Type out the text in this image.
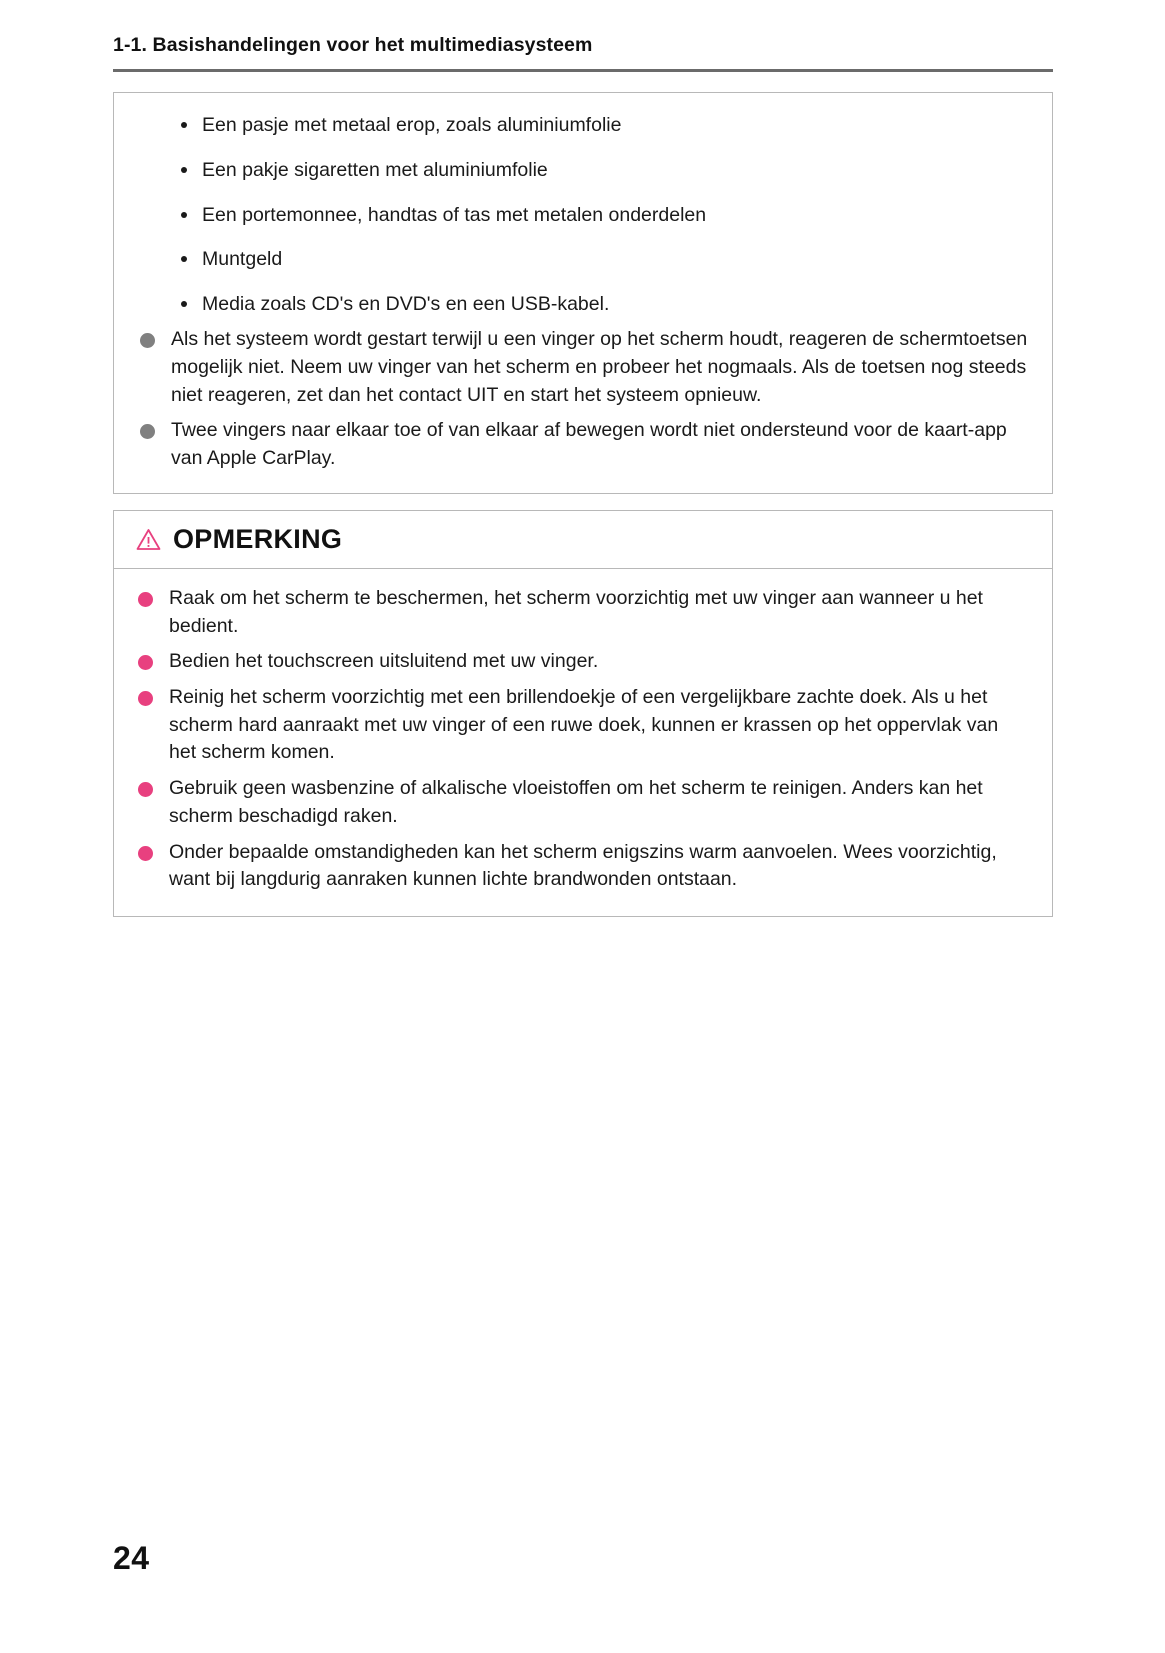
1-1. Basishandelingen voor het multimediasysteem
Een pasje met metaal erop, zoals aluminiumfolie
Een pakje sigaretten met aluminiumfolie
Een portemonnee, handtas of tas met metalen onderdelen
Muntgeld
Media zoals CD's en DVD's en een USB-kabel.
Als het systeem wordt gestart terwijl u een vinger op het scherm houdt, reageren de schermtoetsen mogelijk niet. Neem uw vinger van het scherm en probeer het nogmaals. Als de toetsen nog steeds niet reageren, zet dan het contact UIT en start het systeem opnieuw.
Twee vingers naar elkaar toe of van elkaar af bewegen wordt niet ondersteund voor de kaart-app van Apple CarPlay.
OPMERKING
Raak om het scherm te beschermen, het scherm voorzichtig met uw vinger aan wanneer u het bedient.
Bedien het touchscreen uitsluitend met uw vinger.
Reinig het scherm voorzichtig met een brillendoekje of een vergelijkbare zachte doek. Als u het scherm hard aanraakt met uw vinger of een ruwe doek, kunnen er krassen op het oppervlak van het scherm komen.
Gebruik geen wasbenzine of alkalische vloeistoffen om het scherm te reinigen. Anders kan het scherm beschadigd raken.
Onder bepaalde omstandigheden kan het scherm enigszins warm aanvoelen. Wees voorzichtig, want bij langdurig aanraken kunnen lichte brandwonden ontstaan.
24
